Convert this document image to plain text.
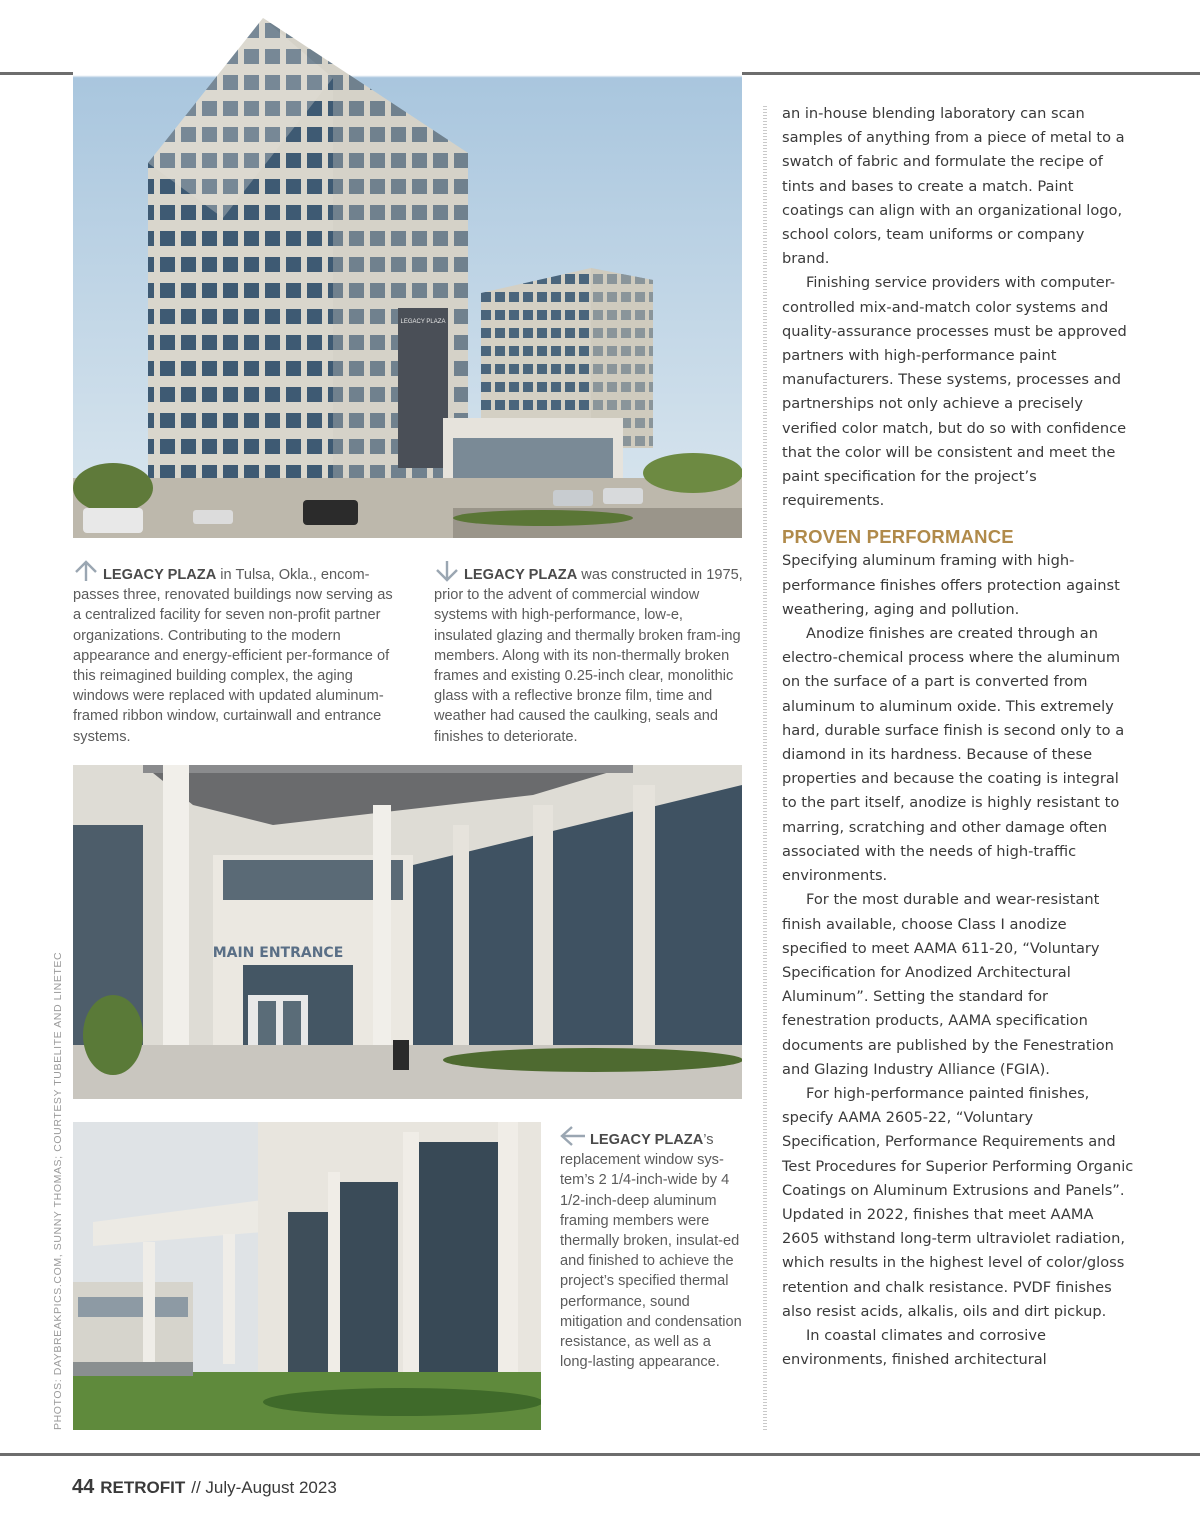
LEGACY PLAZA
LEGACY PLAZA in Tulsa, Okla., encom-passes three, renovated buildings now serving as a centralized facility for seven non-profit partner organizations. Contributing to the modern appearance and energy-efficient per-formance of this reimagined building complex, the aging windows were replaced with updated aluminum-framed ribbon window, curtainwall and entrance systems.
LEGACY PLAZA was constructed in 1975, prior to the advent of commercial window systems with high-performance, low-e, insulated glazing and thermally broken fram-ing members. Along with its non-thermally broken frames and existing 0.25-inch clear, monolithic glass with a reflective bronze film, time and weather had caused the caulking, seals and finishes to deteriorate.
MAIN ENTRANCE
LEGACY PLAZA’s replacement window sys-tem’s 2 1/4-inch-wide by 4 1/2-inch-deep aluminum framing members were thermally broken, insulat-ed and finished to achieve the project’s specified thermal performance, sound mitigation and condensation resistance, as well as a long-lasting appearance.
PHOTOS: DAYBREAKPICS.COM, SUNNY THOMAS; COURTESY TUBELITE AND LINETEC

an in-house blending laboratory can scan samples of anything from a piece of metal to a swatch of fabric and formulate the recipe of tints and bases to create a match. Paint coatings can align with an organizational logo, school colors, team uniforms or company brand.

Finishing service providers with computer-controlled mix-and-match color systems and quality-assurance processes must be approved partners with high-performance paint manufacturers. These systems, processes and partnerships not only achieve a precisely verified color match, but do so with confidence that the color will be consistent and meet the paint specification for the project’s requirements.

PROVEN PERFORMANCE

Specifying aluminum framing with high-performance finishes offers protection against weathering, aging and pollution.

Anodize finishes are created through an electro-chemical process where the aluminum on the surface of a part is converted from aluminum to aluminum oxide. This extremely hard, durable surface finish is second only to a diamond in its hardness. Because of these properties and because the coating is integral to the part itself, anodize is highly resistant to marring, scratching and other damage often associated with the needs of high-traffic environments.

For the most durable and wear-resistant finish available, choose Class I anodize specified to meet AAMA 611-20, “Voluntary Specification for Anodized Architectural Aluminum”. Setting the standard for fenestration products, AAMA specification documents are published by the Fenestration and Glazing Industry Alliance (FGIA).

For high-performance painted finishes, specify AAMA 2605-22, “Voluntary Specification, Performance Requirements and Test Procedures for Superior Performing Organic Coatings on Aluminum Extrusions and Panels”. Updated in 2022, finishes that meet AAMA 2605 withstand long-term ultraviolet radiation, which results in the highest level of color/gloss retention and chalk resistance. PVDF finishes also resist acids, alkalis, oils and dirt pickup.

In coastal climates and corrosive environments, finished architectural

44 RETROFIT // July-August 2023
